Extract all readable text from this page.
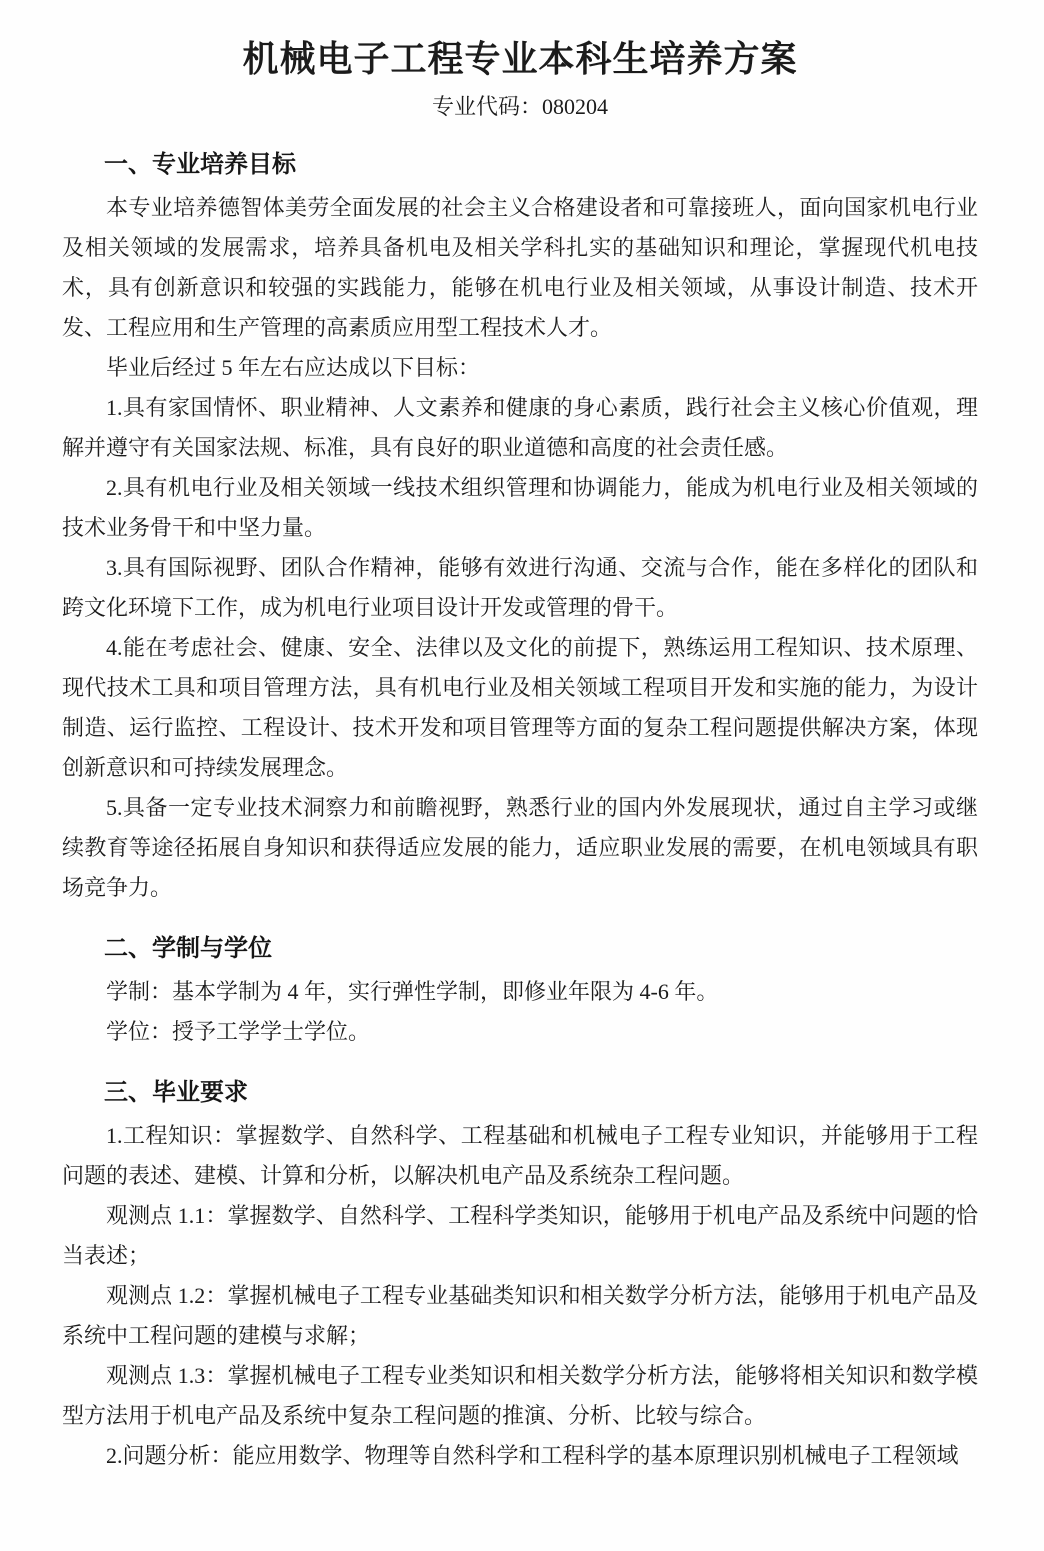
机械电子工程专业本科生培养方案
专业代码：080204
一、专业培养目标

本专业培养德智体美劳全面发展的社会主义合格建设者和可靠接班人，面向国家机电行业及相关领域的发展需求，培养具备机电及相关学科扎实的基础知识和理论，掌握现代机电技术，具有创新意识和较强的实践能力，能够在机电行业及相关领域，从事设计制造、技术开发、工程应用和生产管理的高素质应用型工程技术人才。

毕业后经过 5 年左右应达成以下目标：

1.具有家国情怀、职业精神、人文素养和健康的身心素质，践行社会主义核心价值观，理解并遵守有关国家法规、标准，具有良好的职业道德和高度的社会责任感。

2.具有机电行业及相关领域一线技术组织管理和协调能力，能成为机电行业及相关领域的技术业务骨干和中坚力量。

3.具有国际视野、团队合作精神，能够有效进行沟通、交流与合作，能在多样化的团队和跨文化环境下工作，成为机电行业项目设计开发或管理的骨干。

4.能在考虑社会、健康、安全、法律以及文化的前提下，熟练运用工程知识、技术原理、现代技术工具和项目管理方法，具有机电行业及相关领域工程项目开发和实施的能力，为设计制造、运行监控、工程设计、技术开发和项目管理等方面的复杂工程问题提供解决方案，体现创新意识和可持续发展理念。

5.具备一定专业技术洞察力和前瞻视野，熟悉行业的国内外发展现状，通过自主学习或继续教育等途径拓展自身知识和获得适应发展的能力，适应职业发展的需要，在机电领域具有职场竞争力。

二、学制与学位

学制：基本学制为 4 年，实行弹性学制，即修业年限为 4-6 年。

学位：授予工学学士学位。

三、毕业要求

1.工程知识：掌握数学、自然科学、工程基础和机械电子工程专业知识，并能够用于工程问题的表述、建模、计算和分析，以解决机电产品及系统杂工程问题。

观测点 1.1：掌握数学、自然科学、工程科学类知识，能够用于机电产品及系统中问题的恰当表述；

观测点 1.2：掌握机械电子工程专业基础类知识和相关数学分析方法，能够用于机电产品及系统中工程问题的建模与求解；

观测点 1.3：掌握机械电子工程专业类知识和相关数学分析方法，能够将相关知识和数学模型方法用于机电产品及系统中复杂工程问题的推演、分析、比较与综合。

2.问题分析：能应用数学、物理等自然科学和工程科学的基本原理识别机械电子工程领域
